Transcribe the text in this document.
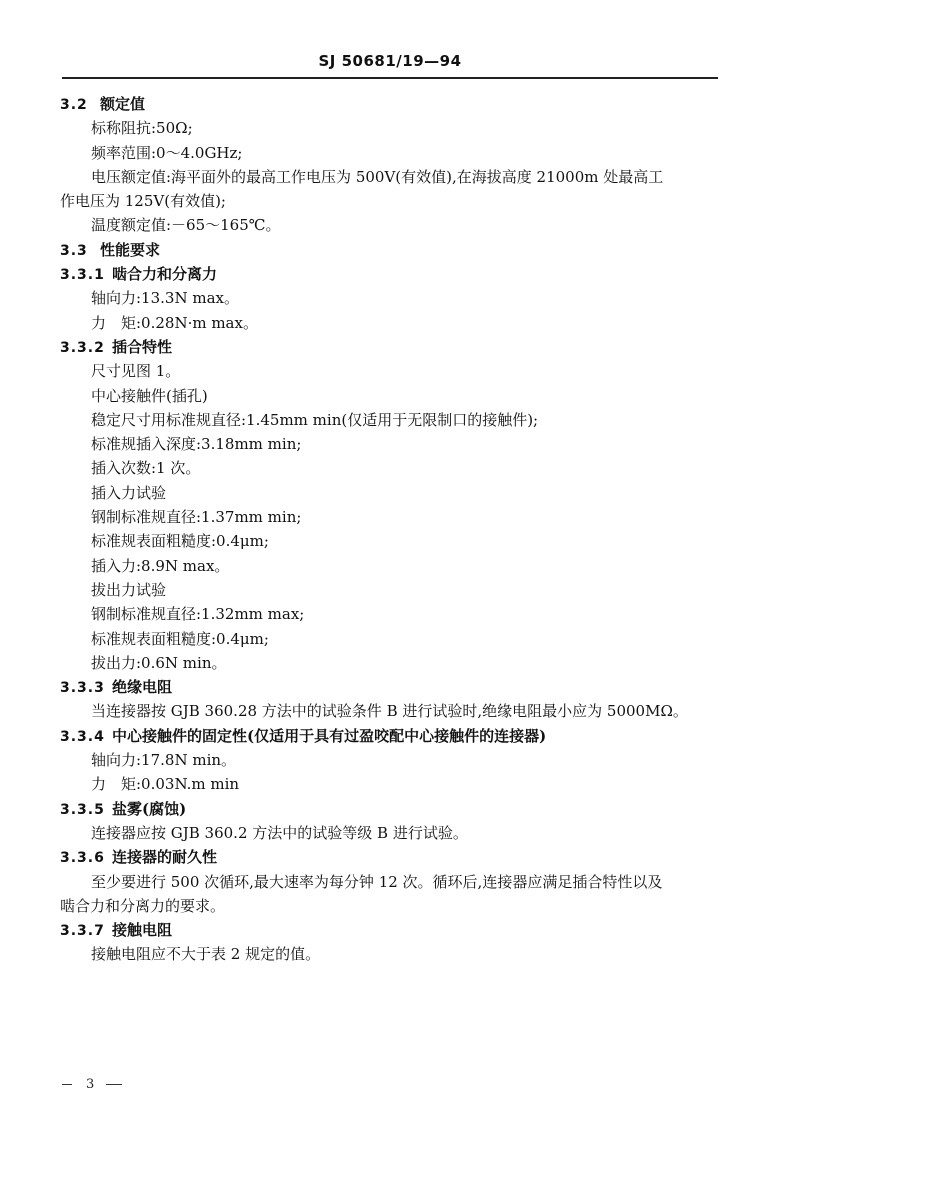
SJ 50681/19—94
3.2 额定值
标称阻抗:50Ω;
频率范围:0～4.0GHz;
电压额定值:海平面外的最高工作电压为 500V(有效值),在海拔高度 21000m 处最高工
作电压为 125V(有效值);
温度额定值:－65～165℃。
3.3 性能要求
3.3.1 啮合力和分离力
轴向力:13.3N max。
力　矩:0.28N·m max。
3.3.2 插合特性
尺寸见图 1。
中心接触件(插孔)
稳定尺寸用标准规直径:1.45mm min(仅适用于无限制口的接触件);
标准规插入深度:3.18mm min;
插入次数:1 次。
插入力试验
钢制标准规直径:1.37mm min;
标准规表面粗糙度:0.4μm;
插入力:8.9N max。
拔出力试验
钢制标准规直径:1.32mm max;
标准规表面粗糙度:0.4μm;
拔出力:0.6N min。
3.3.3 绝缘电阻
当连接器按 GJB 360.28 方法中的试验条件 B 进行试验时,绝缘电阻最小应为 5000MΩ。
3.3.4 中心接触件的固定性(仅适用于具有过盈咬配中心接触件的连接器)
轴向力:17.8N min。
力　矩:0.03N.m min
3.3.5 盐雾(腐蚀)
连接器应按 GJB 360.2 方法中的试验等级 B 进行试验。
3.3.6 连接器的耐久性
至少要进行 500 次循环,最大速率为每分钟 12 次。循环后,连接器应满足插合特性以及
啮合力和分离力的要求。
3.3.7 接触电阻
接触电阻应不大于表 2 规定的值。
3
